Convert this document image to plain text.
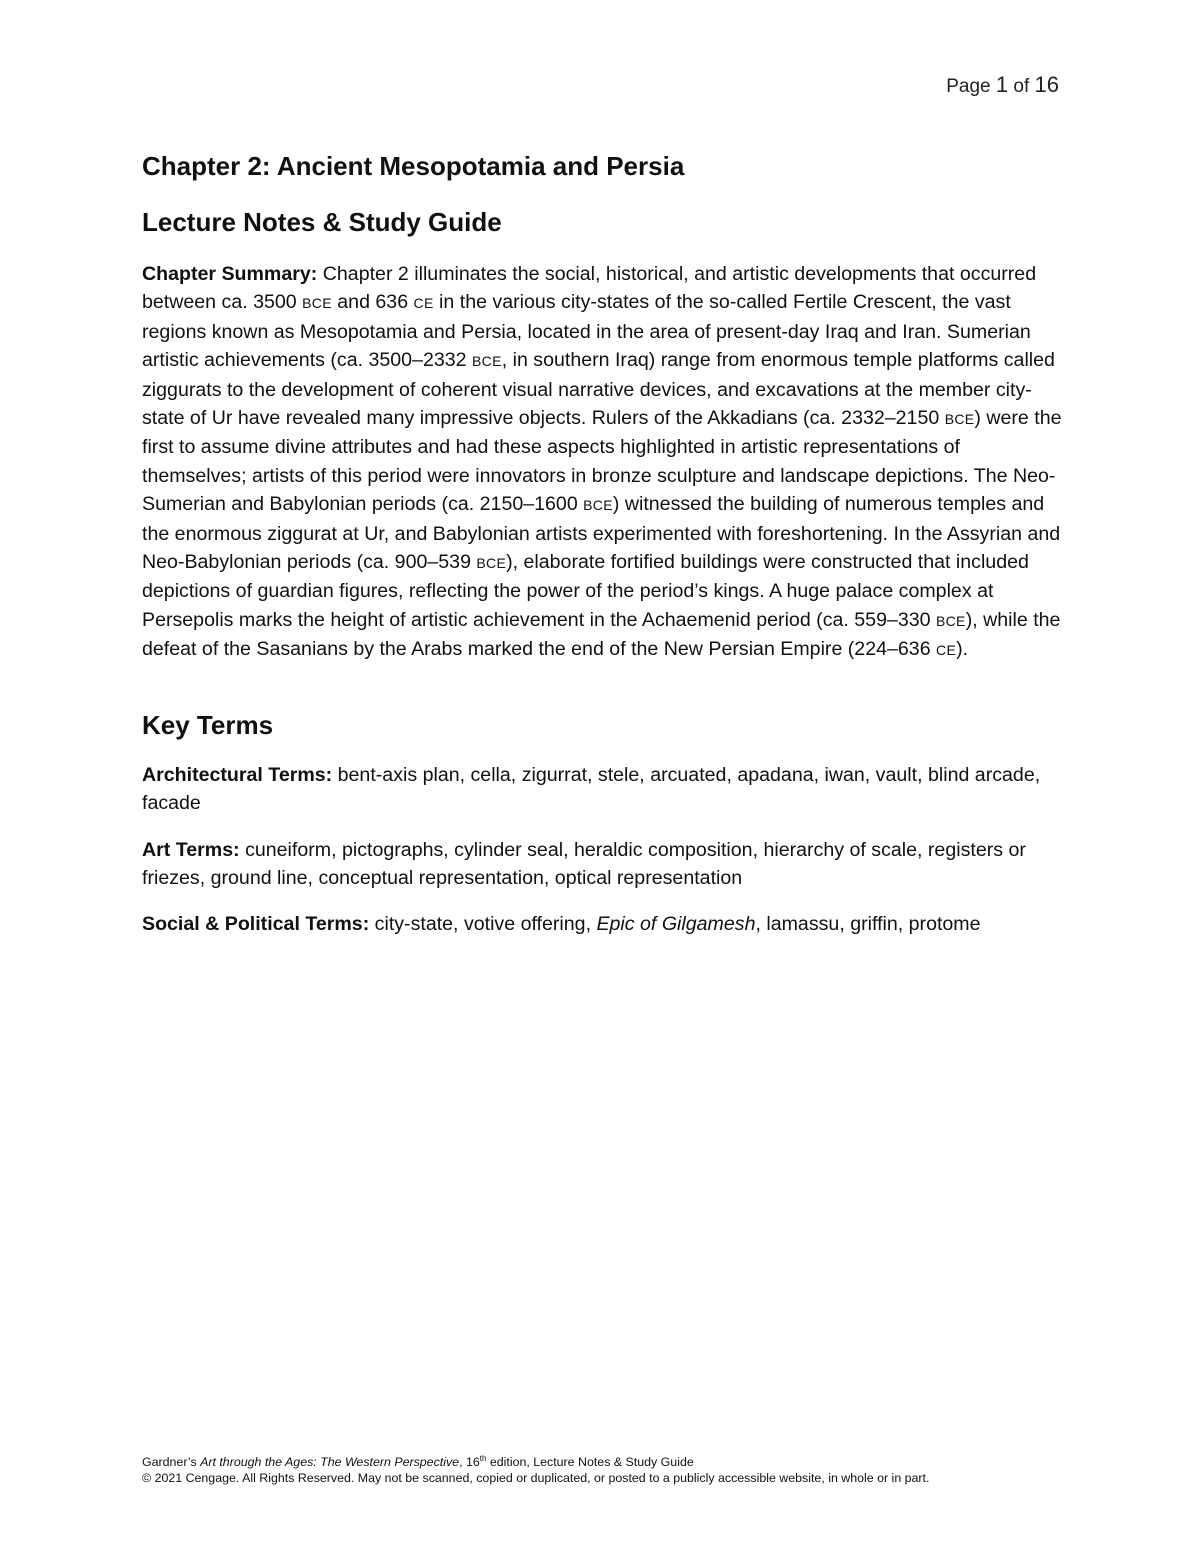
Page 1 of 16
Chapter 2: Ancient Mesopotamia and Persia
Lecture Notes & Study Guide
Chapter Summary: Chapter 2 illuminates the social, historical, and artistic developments that occurred between ca. 3500 BCE and 636 CE in the various city-states of the so-called Fertile Crescent, the vast regions known as Mesopotamia and Persia, located in the area of present-day Iraq and Iran. Sumerian artistic achievements (ca. 3500–2332 BCE, in southern Iraq) range from enormous temple platforms called ziggurats to the development of coherent visual narrative devices, and excavations at the member city-state of Ur have revealed many impressive objects. Rulers of the Akkadians (ca. 2332–2150 BCE) were the first to assume divine attributes and had these aspects highlighted in artistic representations of themselves; artists of this period were innovators in bronze sculpture and landscape depictions. The Neo-Sumerian and Babylonian periods (ca. 2150–1600 BCE) witnessed the building of numerous temples and the enormous ziggurat at Ur, and Babylonian artists experimented with foreshortening. In the Assyrian and Neo-Babylonian periods (ca. 900–539 BCE), elaborate fortified buildings were constructed that included depictions of guardian figures, reflecting the power of the period’s kings. A huge palace complex at Persepolis marks the height of artistic achievement in the Achaemenid period (ca. 559–330 BCE), while the defeat of the Sasanians by the Arabs marked the end of the New Persian Empire (224–636 CE).
Key Terms
Architectural Terms: bent-axis plan, cella, zigurrat, stele, arcuated, apadana, iwan, vault, blind arcade, facade
Art Terms: cuneiform, pictographs, cylinder seal, heraldic composition, hierarchy of scale, registers or friezes, ground line, conceptual representation, optical representation
Social & Political Terms: city-state, votive offering, Epic of Gilgamesh, lamassu, griffin, protome
Gardner’s Art through the Ages: The Western Perspective, 16th edition, Lecture Notes & Study Guide
© 2021 Cengage. All Rights Reserved. May not be scanned, copied or duplicated, or posted to a publicly accessible website, in whole or in part.
